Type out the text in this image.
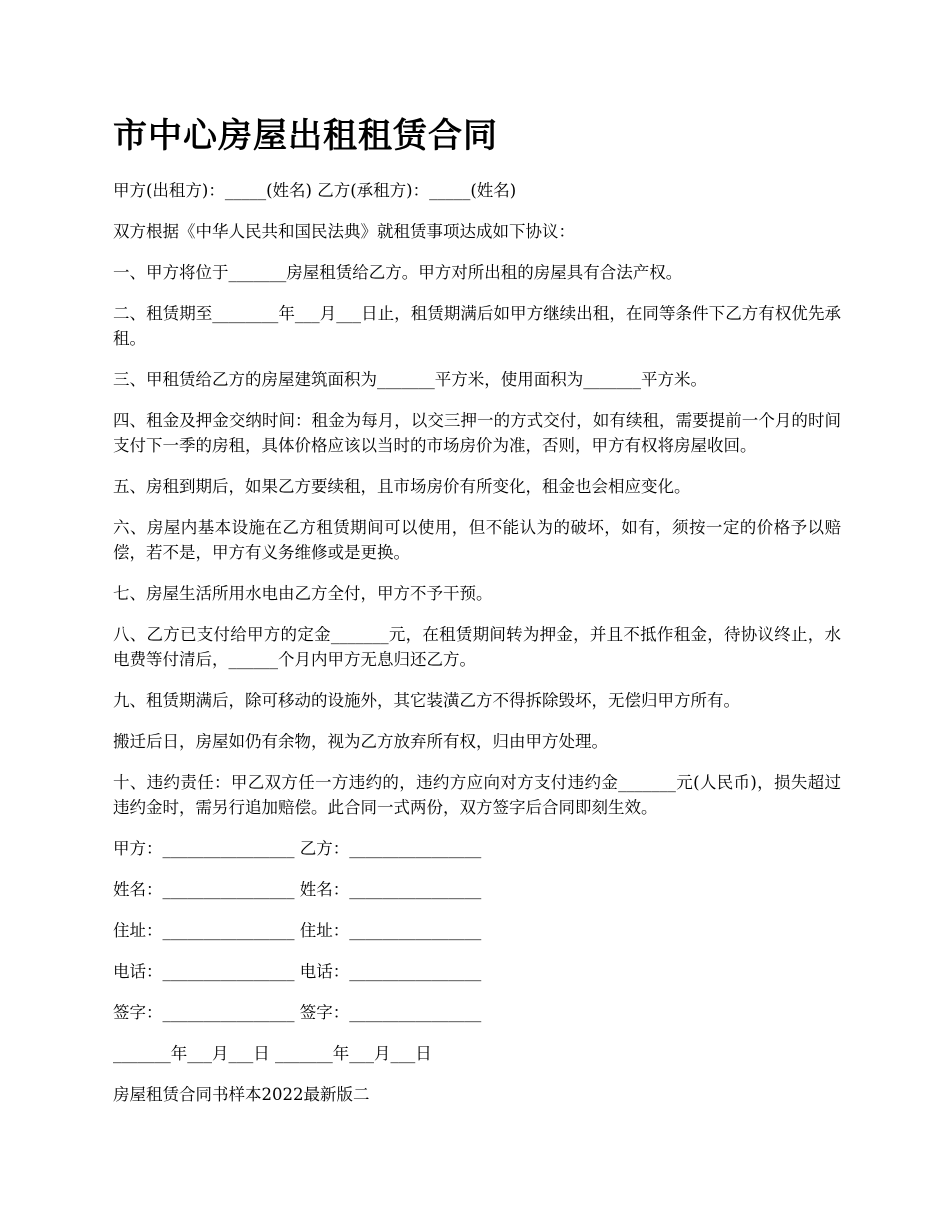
市中心房屋出租租赁合同

甲方(出租方)：_____(姓名) 乙方(承租方)：_____(姓名)

双方根据《中华人民共和国民法典》就租赁事项达成如下协议：

一、甲方将位于_______房屋租赁给乙方。甲方对所出租的房屋具有合法产权。

二、租赁期至________年___月___日止，租赁期满后如甲方继续出租，在同等条件下乙方有权优先承租。

三、甲租赁给乙方的房屋建筑面积为_______平方米，使用面积为_______平方米。

四、租金及押金交纳时间：租金为每月，以交三押一的方式交付，如有续租，需要提前一个月的时间支付下一季的房租，具体价格应该以当时的市场房价为准，否则，甲方有权将房屋收回。

五、房租到期后，如果乙方要续租，且市场房价有所变化，租金也会相应变化。

六、房屋内基本设施在乙方租赁期间可以使用，但不能认为的破坏，如有，须按一定的价格予以赔偿，若不是，甲方有义务维修或是更换。

七、房屋生活所用水电由乙方全付，甲方不予干预。

八、乙方已支付给甲方的定金_______元，在租赁期间转为押金，并且不抵作租金，待协议终止，水电费等付清后，______个月内甲方无息归还乙方。

九、租赁期满后，除可移动的设施外，其它装潢乙方不得拆除毁坏，无偿归甲方所有。

搬迁后日，房屋如仍有余物，视为乙方放弃所有权，归由甲方处理。

十、违约责任：甲乙双方任一方违约的，违约方应向对方支付违约金_______元(人民币)，损失超过违约金时，需另行追加赔偿。此合同一式两份，双方签字后合同即刻生效。

甲方：________________ 乙方：________________

姓名：________________ 姓名：________________

住址：________________ 住址：________________

电话：________________ 电话：________________

签字：________________ 签字：________________

_______年___月___日 _______年___月___日

房屋租赁合同书样本2022最新版二
